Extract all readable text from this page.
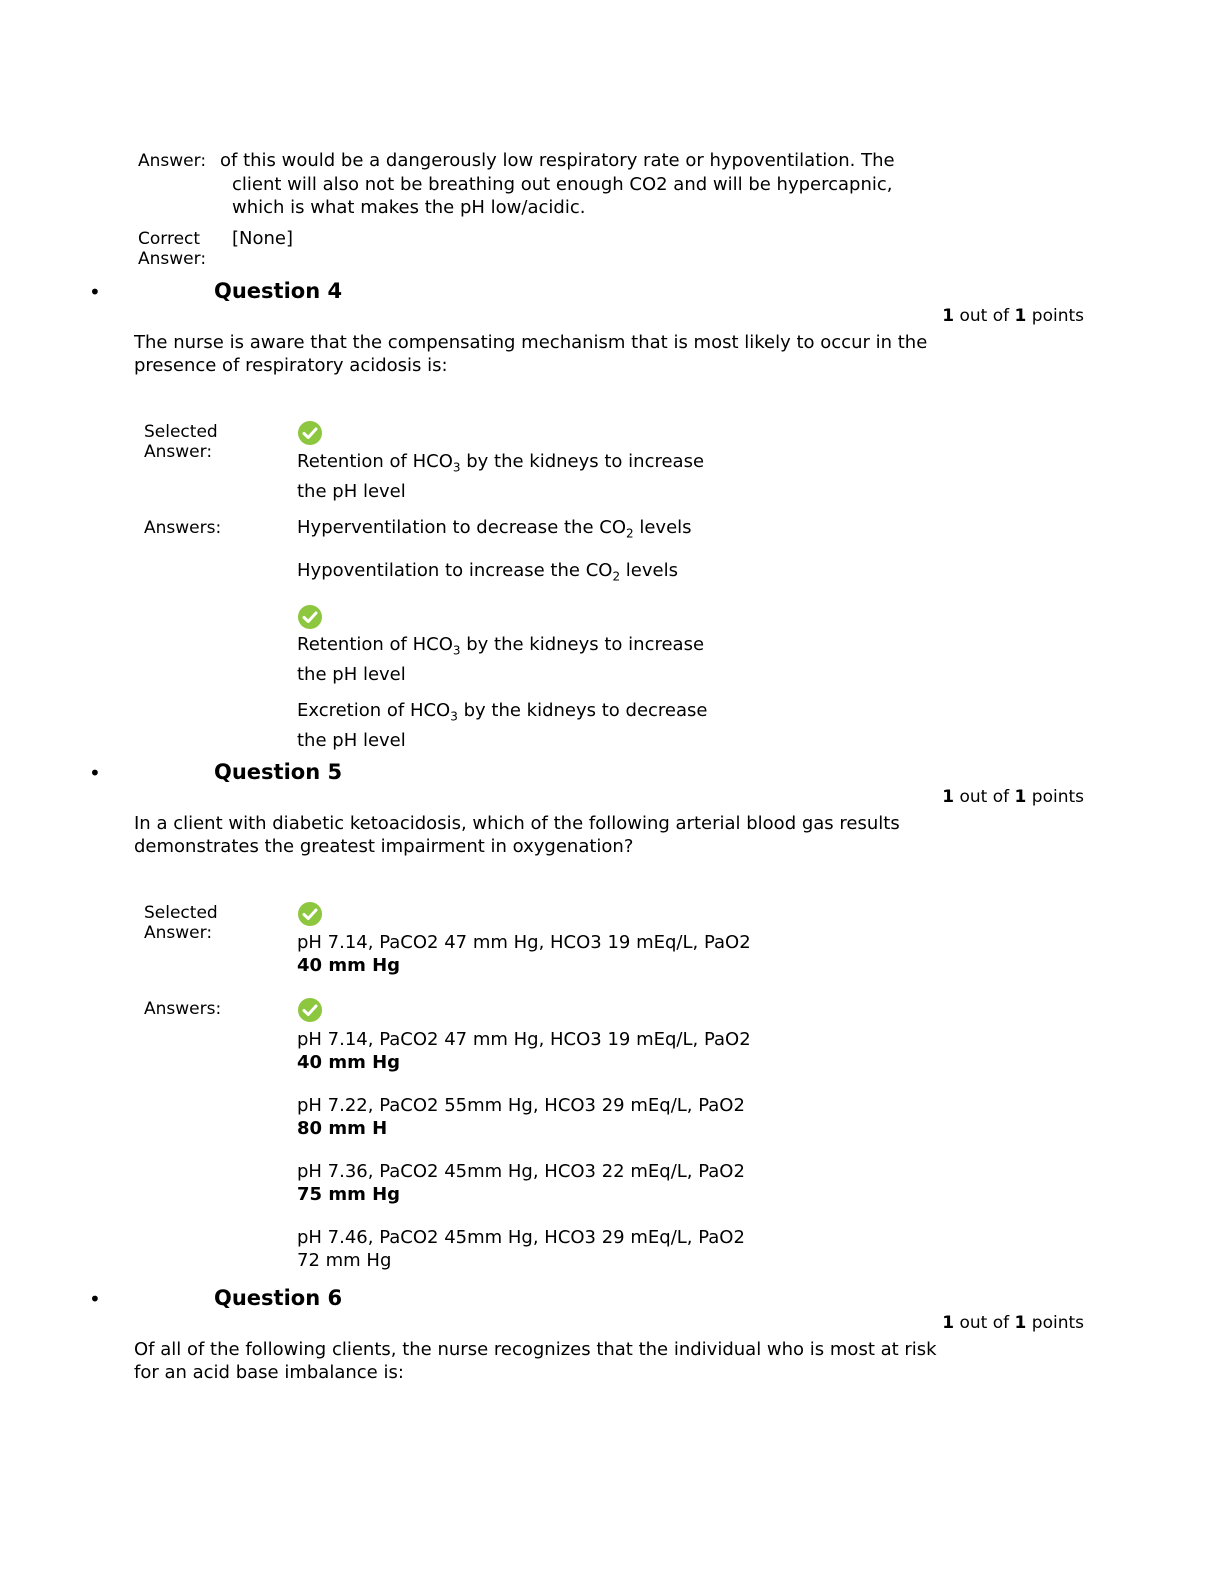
Answer: of this would be a dangerously low respiratory rate or hypoventilation. The
client will also not be breathing out enough CO2 and will be hypercapnic,
which is what makes the pH low/acidic.
Correct
Answer:
[None]
•	Question 4
1 out of 1 points
The nurse is aware that the compensating mechanism that is most likely to occur in the
presence of respiratory acidosis is:
Selected
Answer:	Retention of $HCO_3$ by the kidneys to increase
the pH level
Answers:	Hyperventilation to decrease the $CO_2$ levels
Hypoventilation to increase the $CO_2$ levels
Retention of $HCO_3$ by the kidneys to increase
the pH level
Excretion of $HCO_3$ by the kidneys to decrease
the pH level
•	Question 5
1 out of 1 points
In a client with diabetic ketoacidosis, which of the following arterial blood gas results
demonstrates the greatest impairment in oxygenation?
Selected
Answer:	pH 7.14, PaCO2 47 mm Hg, HCO3 19 mEq/L, PaO2
40 mm Hg
Answers:
pH 7.14, PaCO2 47 mm Hg, HCO3 19 mEq/L, PaO2
40 mm Hg
pH 7.22, PaCO2 55mm Hg, HCO3 29 mEq/L, PaO2
80 mm H
pH 7.36, PaCO2 45mm Hg, HCO3 22 mEq/L, PaO2
75 mm Hg
pH 7.46, PaCO2 45mm Hg, HCO3 29 mEq/L, PaO2
72 mm Hg
•	Question 6
1 out of 1 points
Of all of the following clients, the nurse recognizes that the individual who is most at risk
for an acid base imbalance is:
